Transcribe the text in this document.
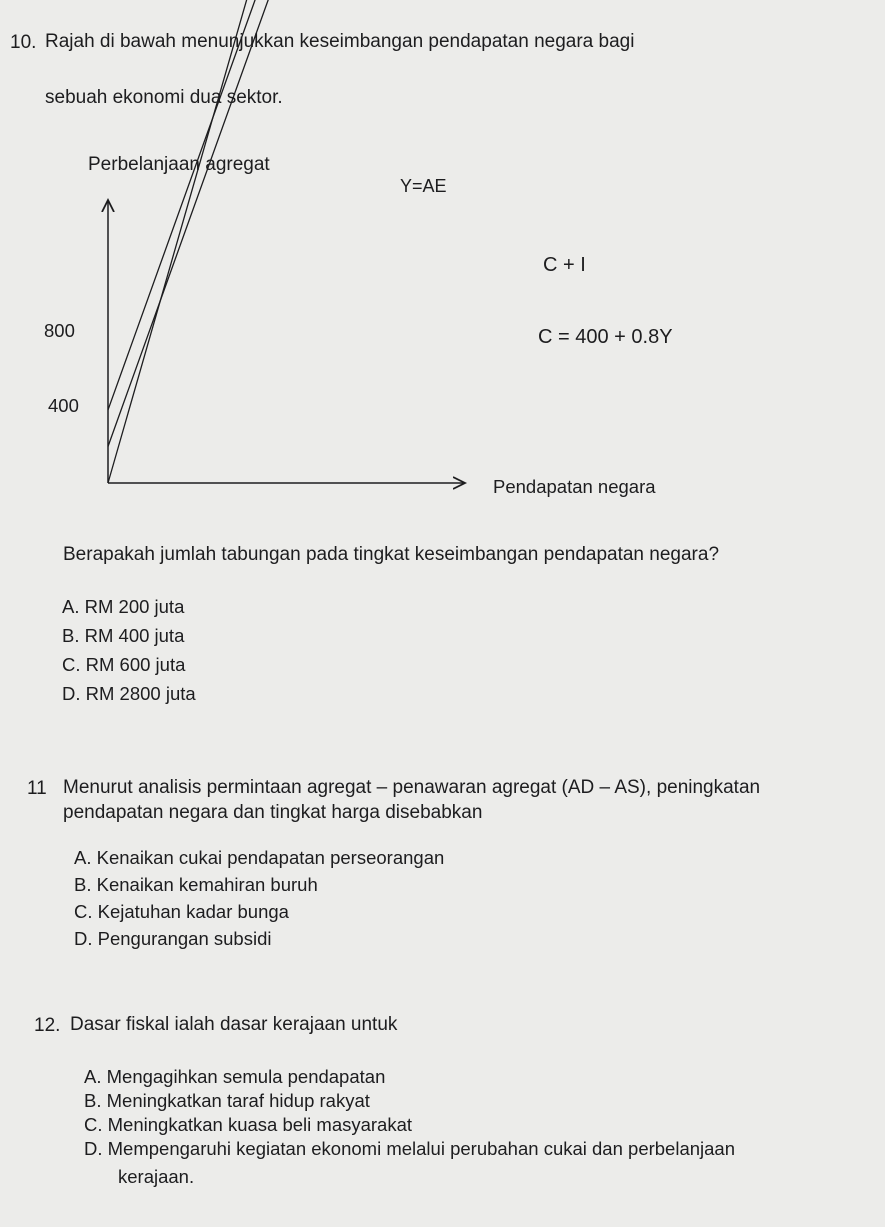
10. Rajah di bawah menunjukkan keseimbangan pendapatan negara bagi
sebuah ekonomi dua sektor.
Perbelanjaan agregat
Pendapatan negara
800
400
Y=AE
C + I
C = 400 + 0.8Y
Berapakah jumlah tabungan pada tingkat keseimbangan pendapatan negara?
A. RM 200 juta
B. RM 400 juta
C. RM 600 juta
D. RM 2800 juta
11 Menurut analisis permintaan agregat – penawaran agregat (AD – AS), peningkatan
pendapatan negara dan tingkat harga disebabkan
A. Kenaikan cukai pendapatan perseorangan
B. Kenaikan kemahiran buruh
C. Kejatuhan kadar bunga
D. Pengurangan subsidi
12. Dasar fiskal ialah dasar kerajaan untuk
A. Mengagihkan semula pendapatan
B. Meningkatkan taraf hidup rakyat
C. Meningkatkan kuasa beli masyarakat
D. Mempengaruhi kegiatan ekonomi melalui perubahan cukai dan perbelanjaan
kerajaan.
